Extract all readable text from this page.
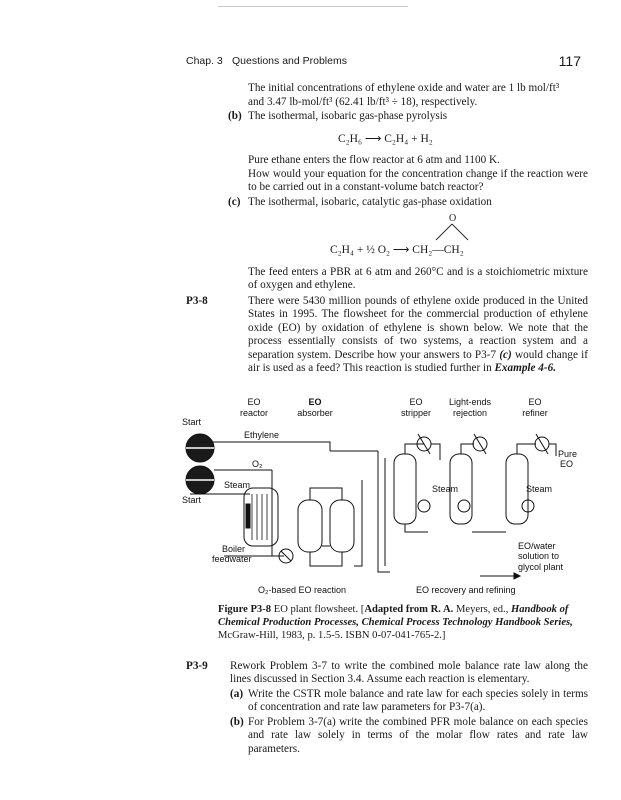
Chap. 3 Questions and Problems	117

The initial concentrations of ethylene oxide and water are 1 lb mol/ft³

and 3.47 lb-mol/ft³ (62.41 lb/ft³ ÷ 18), respectively.

(b) The isothermal, isobaric gas-phase pyrolysis

C₂H₆ ⟶ C₂H₄ + H₂

Pure ethane enters the flow reactor at 6 atm and 1100 K.

How would your equation for the concentration change if the reaction were to be carried out in a constant-volume batch reactor?

(c) The isothermal, isobaric, catalytic gas-phase oxidation

O
C₂H₄ + ½ O₂ ⟶ CH₂—CH₂

The feed enters a PBR at 6 atm and 260°C and is a stoichiometric mixture of oxygen and ethylene.

P3-8	There were 5430 million pounds of ethylene oxide produced in the United States in 1995. The flowsheet for the commercial production of ethylene oxide (EO) by oxidation of ethylene is shown below. We note that the process essentially consists of two systems, a reaction system and a separation system. Describe how your answers to P3-7 (c) would change if air is used as a feed? This reaction is studied further in Example 4-6.

EO
reactor
EO
absorber
EO
stripper
Light-ends
rejection
EO
refiner
Start
Start
Ethylene
O₂
Steam	Steam	Steam
Pure
EO
Boiler
feedwater
EO/water
solution to
glycol plant
O₂-based EO reaction	EO recovery and refining
Figure P3-8 EO plant flowsheet. [Adapted from R. A. Meyers, ed., Handbook of Chemical Production Processes, Chemical Process Technology Handbook Series, McGraw-Hill, 1983, p. 1.5-5. ISBN 0-07-041-765-2.]
P3-9 Rework Problem 3-7 to write the combined mole balance rate law along the lines discussed in Section 3.4. Assume each reaction is elementary.

(a) Write the CSTR mole balance and rate law for each species solely in terms of concentration and rate law parameters for P3-7(a).

(b) For Problem 3-7(a) write the combined PFR mole balance on each species and rate law solely in terms of the molar flow rates and rate law parameters.
